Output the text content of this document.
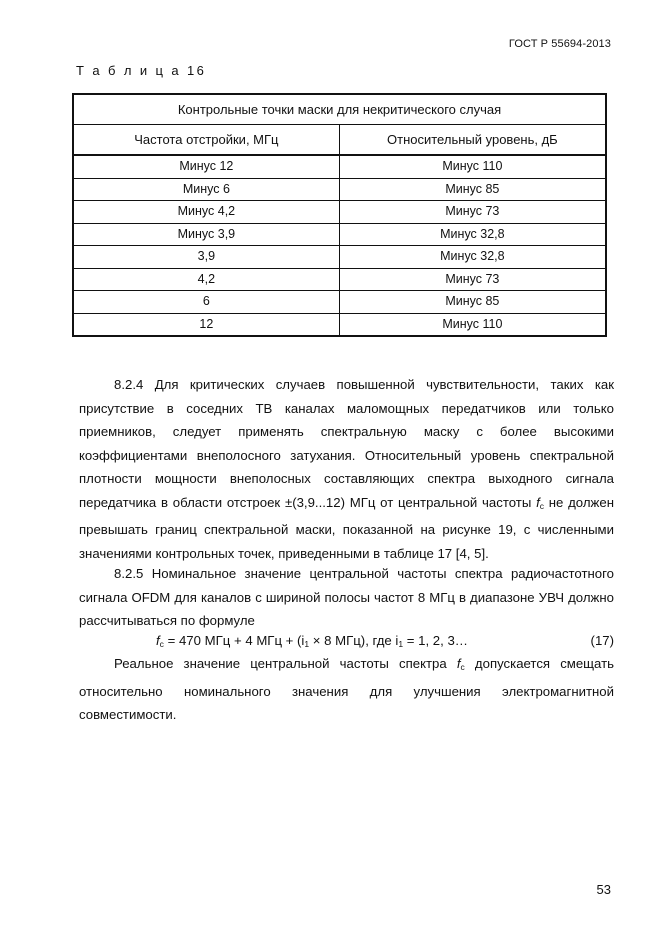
ГОСТ Р 55694-2013
Т а б л и ц а 16
Контрольные точки маски для некритического случая	
Частота отстройки, МГц	Относительный уровень, дБ
Минус 12	Минус 110
Минус 6	Минус 85
Минус 4,2	Минус 73
Минус 3,9	Минус 32,8
3,9	Минус 32,8
4,2	Минус 73
6	Минус 85
12	Минус 110

8.2.4 Для критических случаев повышенной чувствительности, таких как присутствие в соседних ТВ каналах маломощных передатчиков или только приемников, следует применять спектральную маску с более высокими коэффициентами внеполосного затухания. Относительный уровень спектральной плотности мощности внеполосных составляющих спектра выходного сигнала передатчика в области отстроек ±(3,9...12) МГц от центральной частоты $f_c$ не должен превышать границ спектральной маски, показанной на рисунке 19, с численными значениями контрольных точек, приведенными в таблице 17 [4, 5].

8.2.5 Номинальное значение центральной частоты спектра радиочастотного сигнала OFDM для каналов с шириной полосы частот 8 МГц в диапазоне УВЧ должно рассчитываться по формуле

$f_c = 470$ МГц + 4 МГц + ($i_1 \times 8$ МГц), где $i_1 = 1$, 2, 3…	(17)

Реальное значение центральной частоты спектра $f_c$ допускается смещать относительно номинального значения для улучшения электромагнитной совместимости.

53
